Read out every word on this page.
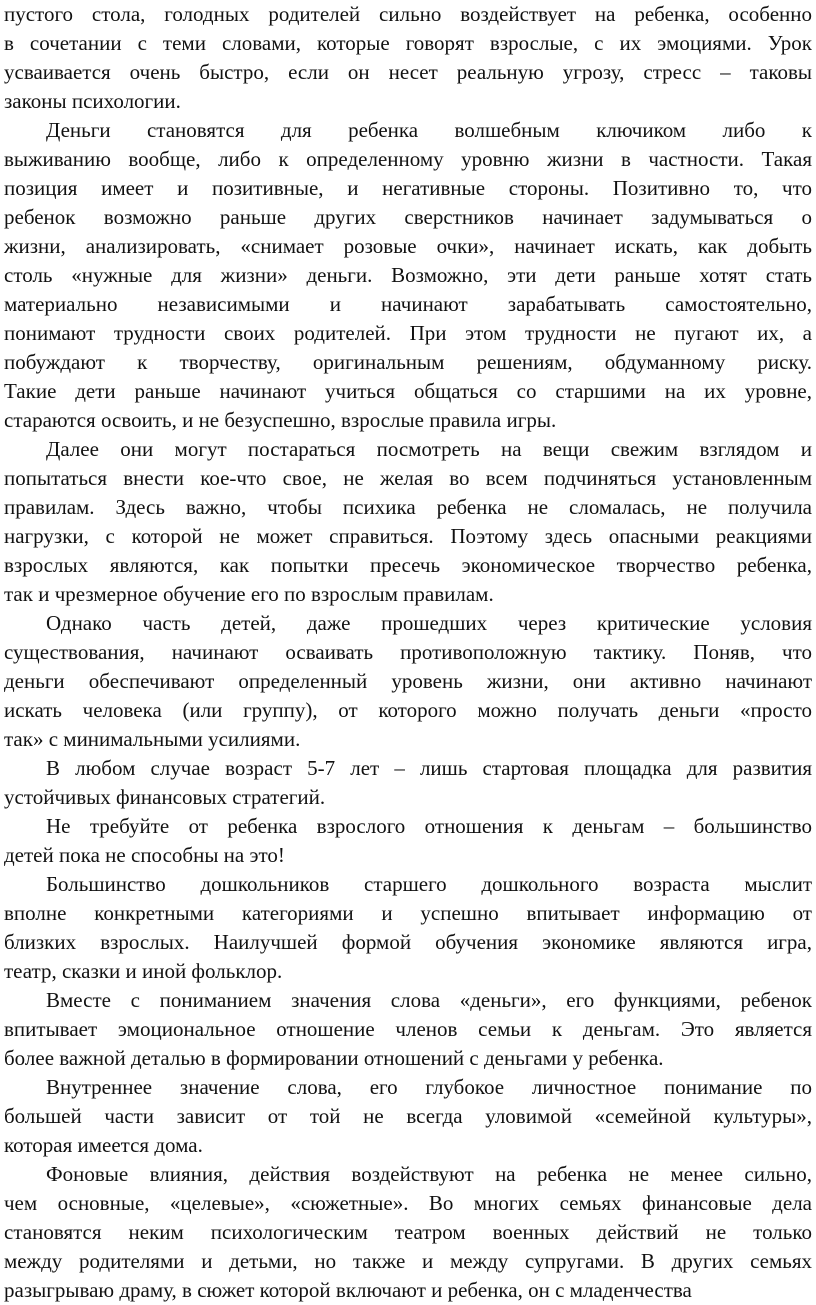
пустого стола, голодных родителей сильно воздействует на ребенка, особенно
в сочетании с теми словами, которые говорят взрослые, с их эмоциями. Урок
усваивается очень быстро, если он несет реальную угрозу, стресс – таковы
законы психологии.
Деньги становятся для ребенка волшебным ключиком либо к
выживанию вообще, либо к определенному уровню жизни в частности. Такая
позиция имеет и позитивные, и негативные стороны. Позитивно то, что
ребенок возможно раньше других сверстников начинает задумываться о
жизни, анализировать, «снимает розовые очки», начинает искать, как добыть
столь «нужные для жизни» деньги. Возможно, эти дети раньше хотят стать
материально независимыми и начинают зарабатывать самостоятельно,
понимают трудности своих родителей. При этом трудности не пугают их, а
побуждают к творчеству, оригинальным решениям, обдуманному риску.
Такие дети раньше начинают учиться общаться со старшими на их уровне,
стараются освоить, и не безуспешно, взрослые правила игры.
Далее они могут постараться посмотреть на вещи свежим взглядом и
попытаться внести кое-что свое, не желая во всем подчиняться установленным
правилам. Здесь важно, чтобы психика ребенка не сломалась, не получила
нагрузки, с которой не может справиться. Поэтому здесь опасными реакциями
взрослых являются, как попытки пресечь экономическое творчество ребенка,
так и чрезмерное обучение его по взрослым правилам.
Однако часть детей, даже прошедших через критические условия
существования, начинают осваивать противоположную тактику. Поняв, что
деньги обеспечивают определенный уровень жизни, они активно начинают
искать человека (или группу), от которого можно получать деньги «просто
так» с минимальными усилиями.
В любом случае возраст 5-7 лет – лишь стартовая площадка для развития
устойчивых финансовых стратегий.
Не требуйте от ребенка взрослого отношения к деньгам – большинство
детей пока не способны на это!
Большинство дошкольников старшего дошкольного возраста мыслит
вполне конкретными категориями и успешно впитывает информацию от
близких взрослых. Наилучшей формой обучения экономике являются игра,
театр, сказки и иной фольклор.
Вместе с пониманием значения слова «деньги», его функциями, ребенок
впитывает эмоциональное отношение членов семьи к деньгам. Это является
более важной деталью в формировании отношений с деньгами у ребенка.
Внутреннее значение слова, его глубокое личностное понимание по
большей части зависит от той не всегда уловимой «семейной культуры»,
которая имеется дома.
Фоновые влияния, действия воздействуют на ребенка не менее сильно,
чем основные, «целевые», «сюжетные». Во многих семьях финансовые дела
становятся неким психологическим театром военных действий не только
между родителями и детьми, но также и между супругами. В других семьях
разыгрываю драму, в сюжет которой включают и ребенка, он с младенчества
